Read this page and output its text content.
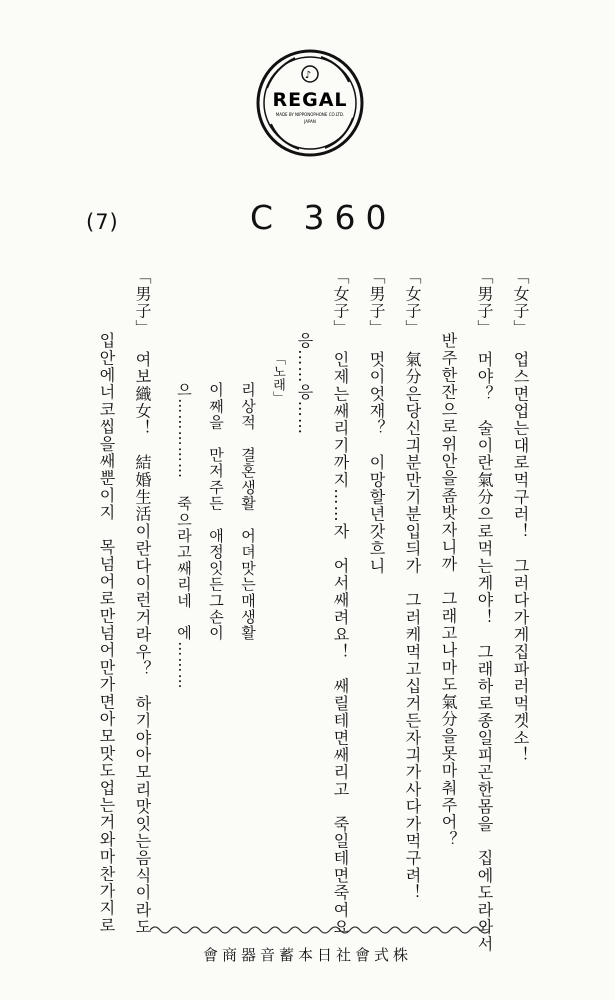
♪
REGAL
MADE BY NIPPONOPHONE CO.LTD.
JAPAN
(7)	C 360
「女子」업스면업는대로먹구러！　그러다가게집파러먹겟소！
「男子」머야？　술이란氣分으로먹는게야！　그래하로종일피곤한몸을　집에도라와서
반주한잔으로위안을좀밧자니까　그래고나마도氣分을못마춰주어？
「女子」氣分은당신긔분만기분입듸가　그러케먹고십거든자긔가사다가먹구려！
「男子」멋이엇재？　이망할년갓흐니
「女子」인제는쌔리기까지……자　어서쌔려요！　쌔릴테면쌔리고　죽일테면죽여요
응……응……
「노래」
리상적　결혼생활　어뎌맛는매생활
이째을　만저주든　애정잇든그손이
으……………　죽으라고쌔리네　에………
「男子」여보織女！　結婚生活이란다이런거라우？　하기야아모리맛잇는음식이라도
입안에너코씹을쌔뿐이지　목넘어로만넘어만가면아모맛도업는거와마찬가지로
會商器音蓄本日社會式株
